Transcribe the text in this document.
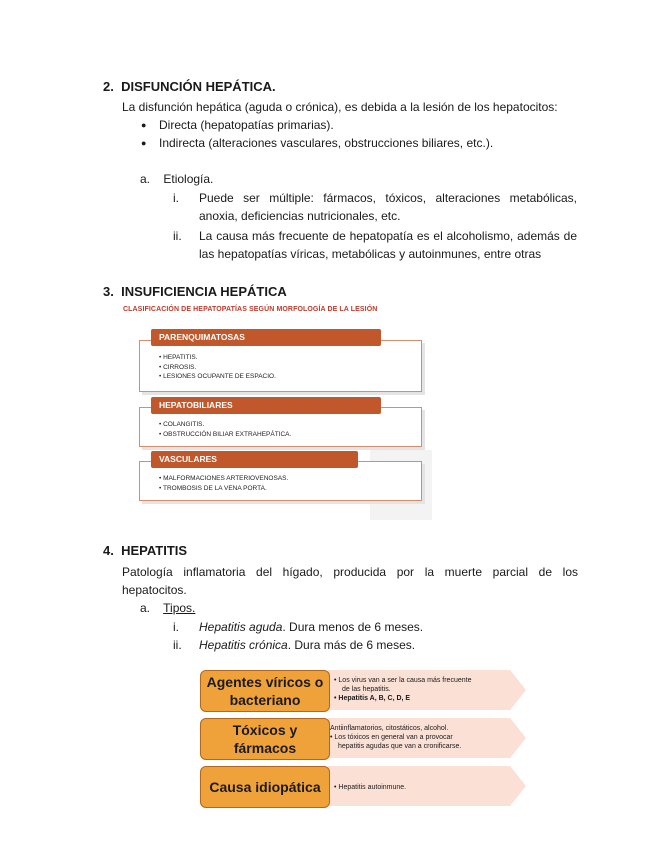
2. DISFUNCIÓN HEPÁTICA.
La disfunción hepática (aguda o crónica), es debida a la lesión de los hepatocitos:
● Directa (hepatopatías primarias).
● Indirecta (alteraciones vasculares, obstrucciones biliares, etc.).
a. Etiología.
i. Puede ser múltiple: fármacos, tóxicos, alteraciones metabólicas,
anoxia, deficiencias nutricionales, etc.
ii. La causa más frecuente de hepatopatía es el alcoholismo, además de
las hepatopatías víricas, metabólicas y autoinmunes, entre otras
3. INSUFICIENCIA HEPÁTICA
CLASIFICACIÓN DE HEPATOPATÍAS SEGÚN MORFOLOGÍA DE LA LESIÓN
PARENQUIMATOSAS
• HEPATITIS.
• CIRROSIS.
• LESIONES OCUPANTE DE ESPACIO.
HEPATOBILIARES
• COLANGITIS.
• OBSTRUCCIÓN BILIAR EXTRAHEPÁTICA.
VASCULARES
• MALFORMACIONES ARTERIOVENOSAS.
• TROMBOSIS DE LA VENA PORTA.
4. HEPATITIS
Patología inflamatoria del hígado, producida por la muerte parcial de los
hepatocitos.
a. Tipos.
i. Hepatitis aguda. Dura menos de 6 meses.
ii. Hepatitis crónica. Dura más de 6 meses.
Agentes víricos o
bacteriano
• Los virus van a ser la causa más frecuente
de las hepatitis.
• Hepatitis A, B, C, D, E
Tóxicos y fármacos
Antiinflamatorios, citostáticos, alcohol.
• Los tóxicos en general van a provocar
hepatitis agudas que van a cronificarse.
Causa idiopática
•	Hepatitis autoinmune.
